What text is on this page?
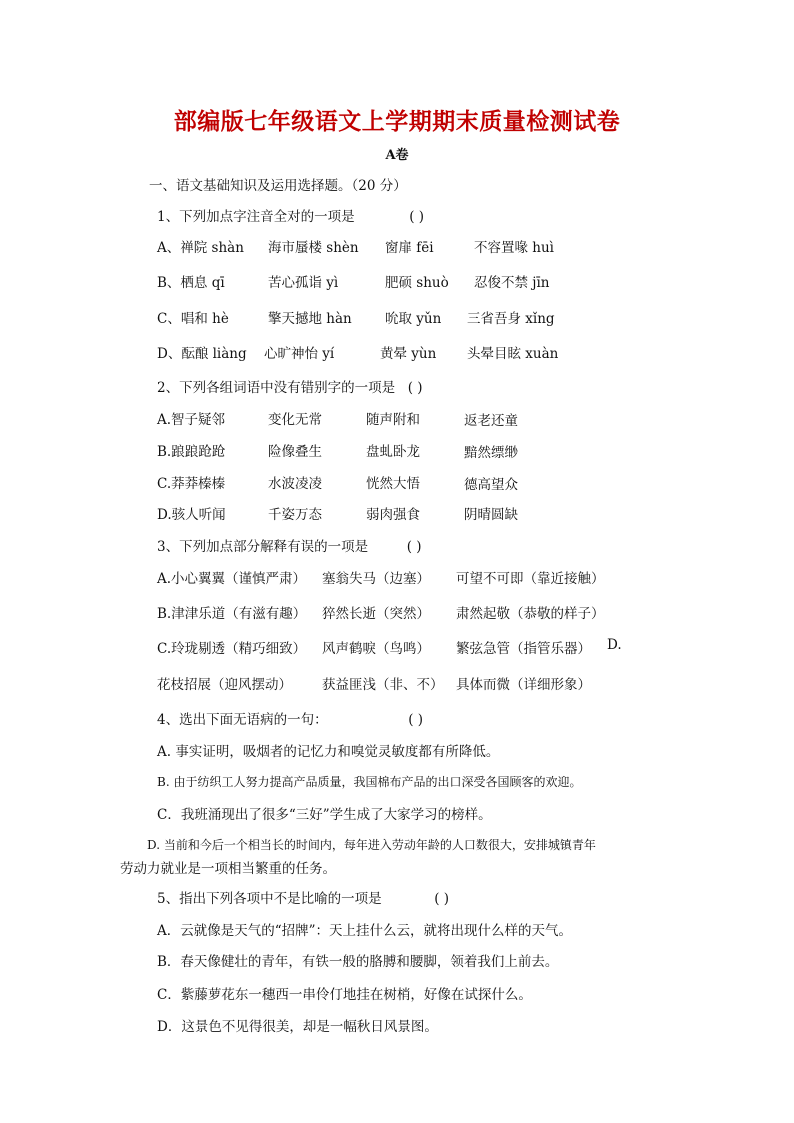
部编版七年级语文上学期期末质量检测试卷
A卷
一、语文基础知识及运用选择题。（20 分）
1、下列加点字注音全对的一项是	( )
A、禅院 shàn 海市蜃楼 shèn 窗扉 fēi	不容置喙 huì
B、栖息 qī	苦心孤诣 yì	肥硕 shuò 忍俊不禁 jīn
C、唱和 hè	擎天撼地 hàn 吮取 yǔn 三省吾身 xǐng
D、酝酿 liàng 心旷神怡 yí	黄晕 yùn 头晕目眩 xuàn
2、下列各组词语中没有错别字的一项是 ( )
A.智子疑邻	变化无常	随声附和	返老还童
B.踉踉跄跄	险像叠生	盘虬卧龙	黯然缥缈
C.莽莽榛榛	水波凌凌	恍然大悟	德高望众
D.骇人听闻	千姿万态	弱肉强食	阴晴圆缺
3、下列加点部分解释有误的一项是	( )
A.小心翼翼（谨慎严肃） 塞翁失马（边塞） 可望不可即（靠近接触）
B.津津乐道（有滋有趣） 猝然长逝（突然） 肃然起敬（恭敬的样子）
C.玲珑剔透（精巧细致） 风声鹤唳（鸟鸣） 繁弦急管（指管乐器） D.
花枝招展（迎风摆动） 获益匪浅（非、不） 具体而微（详细形象）
4、选出下面无语病的一句：	( )
A. 事实证明，吸烟者的记忆力和嗅觉灵敏度都有所降低。
B. 由于纺织工人努力提高产品质量，我国棉布产品的出口深受各国顾客的欢迎。
C．我班涌现出了很多“三好”学生成了大家学习的榜样。
D. 当前和今后一个相当长的时间内，每年进入劳动年龄的人口数很大，安排城镇青年
劳动力就业是一项相当繁重的任务。
5、指出下列各项中不是比喻的一项是	( )
A．云就像是天气的“招牌”：天上挂什么云，就将出现什么样的天气。
B．春天像健壮的青年，有铁一般的胳膊和腰脚，领着我们上前去。
C．紫藤萝花东一穗西一串伶仃地挂在树梢，好像在试探什么。
D．这景色不见得很美，却是一幅秋日风景图。
